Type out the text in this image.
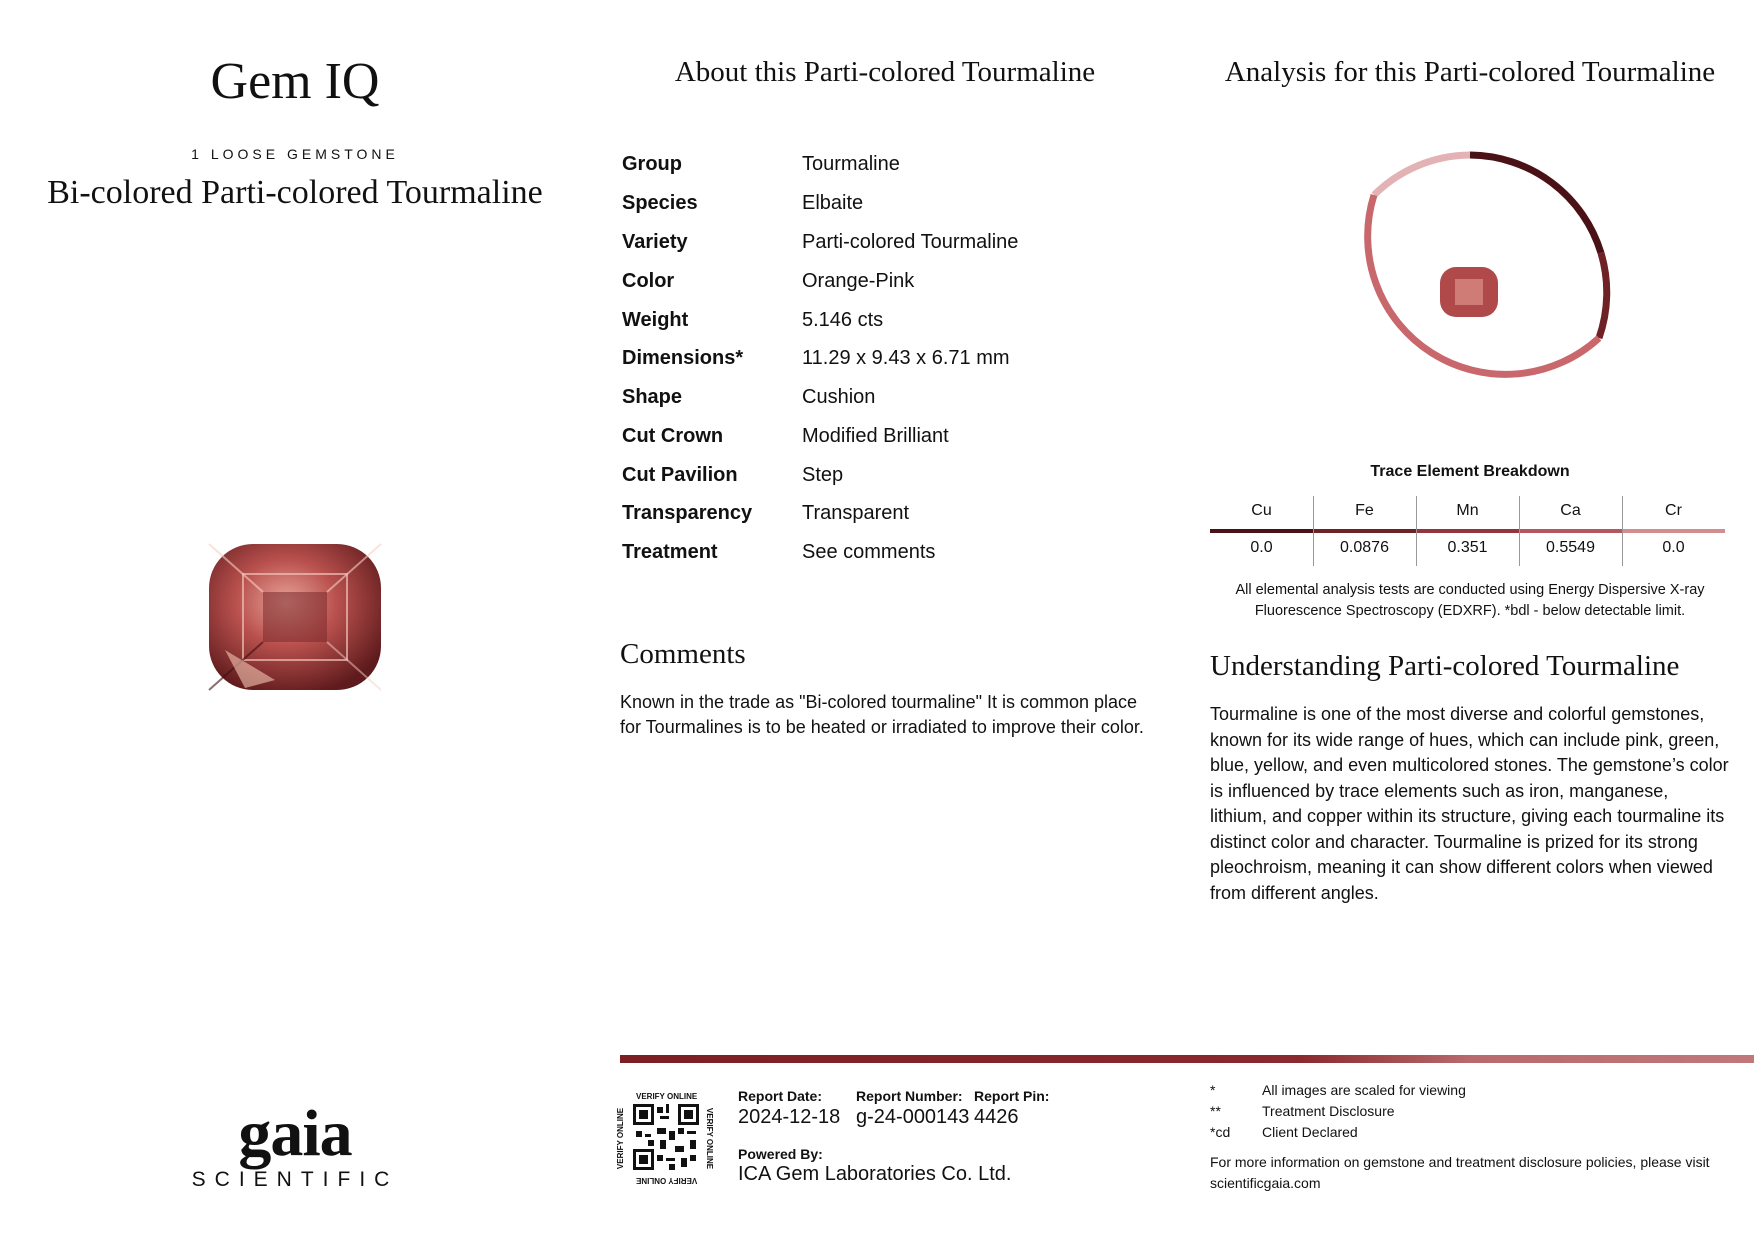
Gem IQ
1 LOOSE GEMSTONE
Bi-colored Parti-colored Tourmaline
gaia
SCIENTIFIC
About this Parti-colored Tourmaline
Group	Tourmaline
Species	Elbaite
Variety	Parti-colored Tourmaline
Color	Orange-Pink
Weight	5.146 cts
Dimensions*	11.29 x 9.43 x 6.71 mm
Shape	Cushion
Cut Crown	Modified Brilliant
Cut Pavilion	Step
Transparency Transparent
Treatment	See comments
Comments
Known in the trade as "Bi-colored tourmaline" It is common place for Tourmalines is to be heated or irradiated to improve their color.
Analysis for this Parti-colored Tourmaline
Trace Element Breakdown
Cu	Fe	Mn	Ca	Cr
0.0	0.0876	0.351	0.5549	0.0
All elemental analysis tests are conducted using Energy Dispersive X-ray Fluorescence Spectroscopy (EDXRF). *bdl - below detectable limit.
Understanding Parti-colored Tourmaline
Tourmaline is one of the most diverse and colorful gemstones, known for its wide range of hues, which can include pink, green, blue, yellow, and even multicolored stones. The gemstone’s color is influenced by trace elements such as iron, manganese, lithium, and copper within its structure, giving each tourmaline its distinct color and character. Tourmaline is prized for its strong pleochroism, meaning it can show different colors when viewed from different angles.
VERIFY ONLINE
VERIFY ONLINE
VERIFY ONLINE	VERIFY ONLINE
Report Date:
2024-12-18
Report Number:
g-24-000143
Report Pin:
4426
Powered By:
ICA Gem Laboratories Co. Ltd.
*	All images are scaled for viewing
**	Treatment Disclosure
*cd Client Declared
For more information on gemstone and treatment disclosure policies, please visit scientificgaia.com
